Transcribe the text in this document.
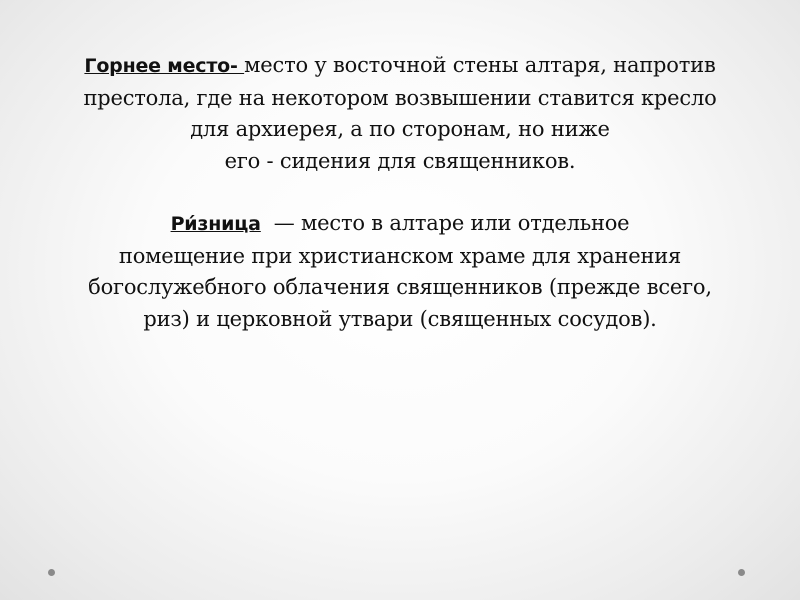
Горнее место- место у восточной стены алтаря, напротив
престола, где на некотором возвышении ставится кресло
для архиерея, а по сторонам, но ниже
его - сидения для священников.

Ри́зница  — место в алтаре или отдельное
помещение при христианском храме для хранения
богослужебного облачения священников (прежде всего,
риз) и церковной утвари (священных сосудов).
